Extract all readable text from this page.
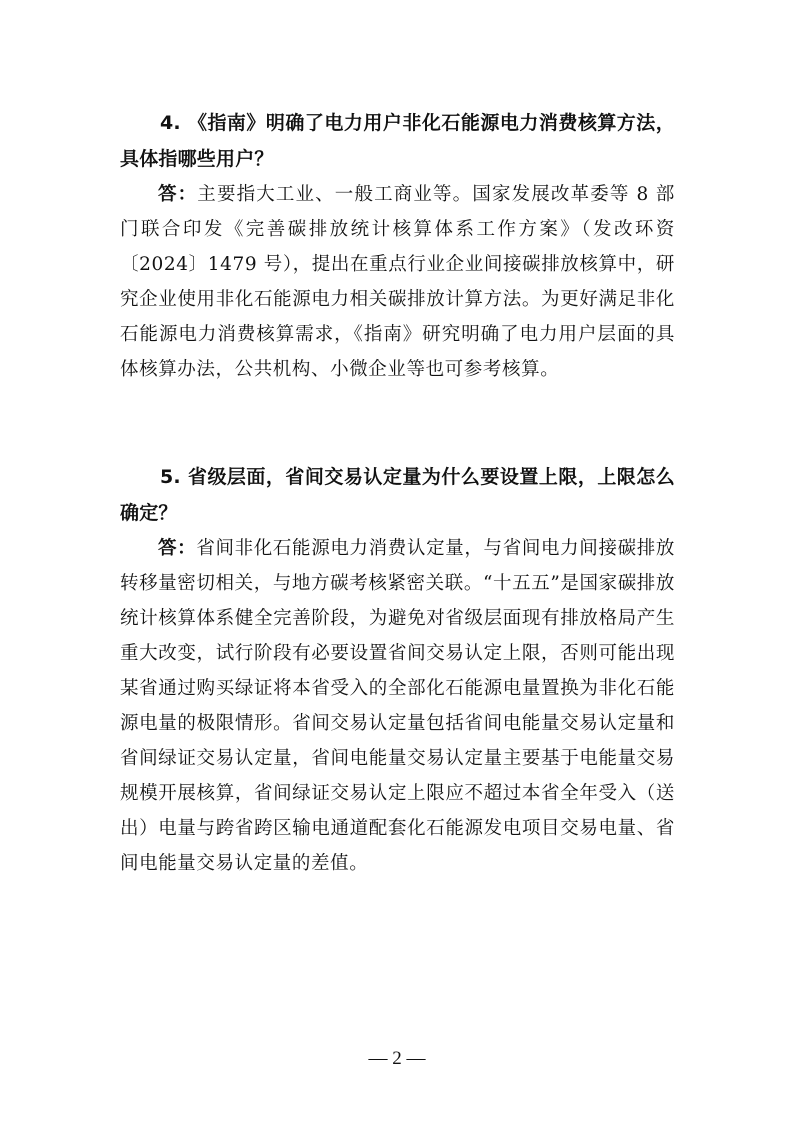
4. 《指南》明确了电力用户非化石能源电力消费核算方法，具体指哪些用户？

答：主要指大工业、一般工商业等。国家发展改革委等 8 部门联合印发《完善碳排放统计核算体系工作方案》（发改环资〔2024〕1479 号），提出在重点行业企业间接碳排放核算中，研究企业使用非化石能源电力相关碳排放计算方法。为更好满足非化石能源电力消费核算需求，《指南》研究明确了电力用户层面的具体核算办法，公共机构、小微企业等也可参考核算。

5. 省级层面，省间交易认定量为什么要设置上限，上限怎么确定？

答：省间非化石能源电力消费认定量，与省间电力间接碳排放转移量密切相关，与地方碳考核紧密关联。“十五五”是国家碳排放统计核算体系健全完善阶段，为避免对省级层面现有排放格局产生重大改变，试行阶段有必要设置省间交易认定上限，否则可能出现某省通过购买绿证将本省受入的全部化石能源电量置换为非化石能源电量的极限情形。省间交易认定量包括省间电能量交易认定量和省间绿证交易认定量，省间电能量交易认定量主要基于电能量交易规模开展核算，省间绿证交易认定上限应不超过本省全年受入（送出）电量与跨省跨区输电通道配套化石能源发电项目交易电量、省间电能量交易认定量的差值。

— 2 —
